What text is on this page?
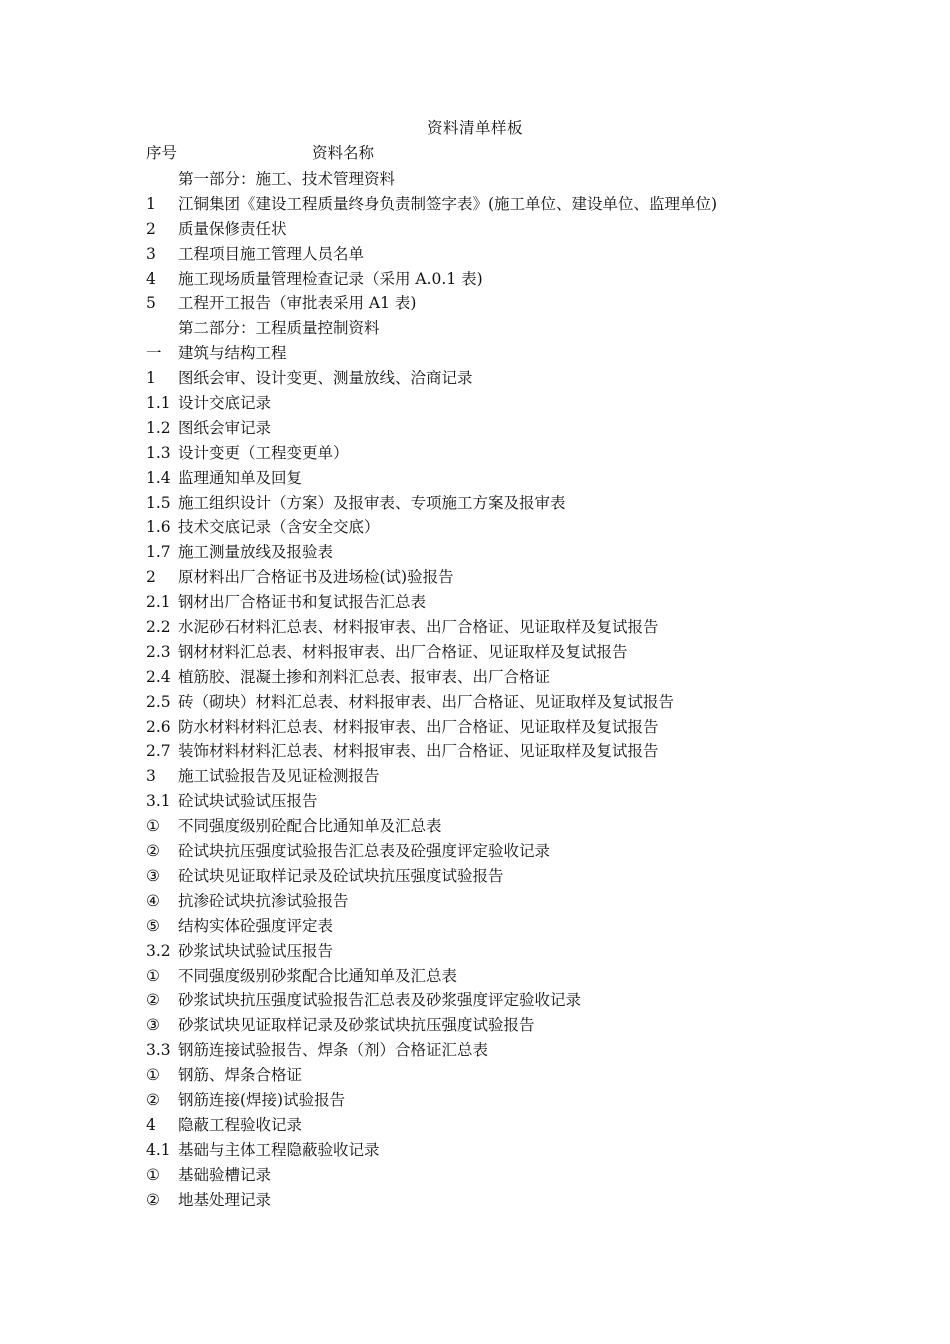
资料清单样板
序号	资料名称
第一部分：施工、技术管理资料
1 江铜集团《建设工程质量终身负责制签字表》(施工单位、建设单位、监理单位)
2 质量保修责任状
3 工程项目施工管理人员名单
4 施工现场质量管理检查记录（采用 A.0.1 表)
5 工程开工报告（审批表采用 A1 表)
第二部分：工程质量控制资料
一 建筑与结构工程
1 图纸会审、设计变更、测量放线、洽商记录
1.1 设计交底记录
1.2 图纸会审记录
1.3 设计变更（工程变更单）
1.4 监理通知单及回复
1.5 施工组织设计（方案）及报审表、专项施工方案及报审表
1.6 技术交底记录（含安全交底）
1.7 施工测量放线及报验表
2 原材料出厂合格证书及进场检(试)验报告
2.1 钢材出厂合格证书和复试报告汇总表
2.2 水泥砂石材料汇总表、材料报审表、出厂合格证、见证取样及复试报告
2.3 钢材材料汇总表、材料报审表、出厂合格证、见证取样及复试报告
2.4 植筋胶、混凝土掺和剂料汇总表、报审表、出厂合格证
2.5 砖（砌块）材料汇总表、材料报审表、出厂合格证、见证取样及复试报告
2.6 防水材料材料汇总表、材料报审表、出厂合格证、见证取样及复试报告
2.7 装饰材料材料汇总表、材料报审表、出厂合格证、见证取样及复试报告
3 施工试验报告及见证检测报告
3.1 砼试块试验试压报告
① 不同强度级别砼配合比通知单及汇总表
② 砼试块抗压强度试验报告汇总表及砼强度评定验收记录
③ 砼试块见证取样记录及砼试块抗压强度试验报告
④ 抗渗砼试块抗渗试验报告
⑤ 结构实体砼强度评定表
3.2 砂浆试块试验试压报告
① 不同强度级别砂浆配合比通知单及汇总表
② 砂浆试块抗压强度试验报告汇总表及砂浆强度评定验收记录
③ 砂浆试块见证取样记录及砂浆试块抗压强度试验报告
3.3 钢筋连接试验报告、焊条（剂）合格证汇总表
① 钢筋、焊条合格证
② 钢筋连接(焊接)试验报告
4 隐蔽工程验收记录
4.1 基础与主体工程隐蔽验收记录
① 基础验槽记录
② 地基处理记录
